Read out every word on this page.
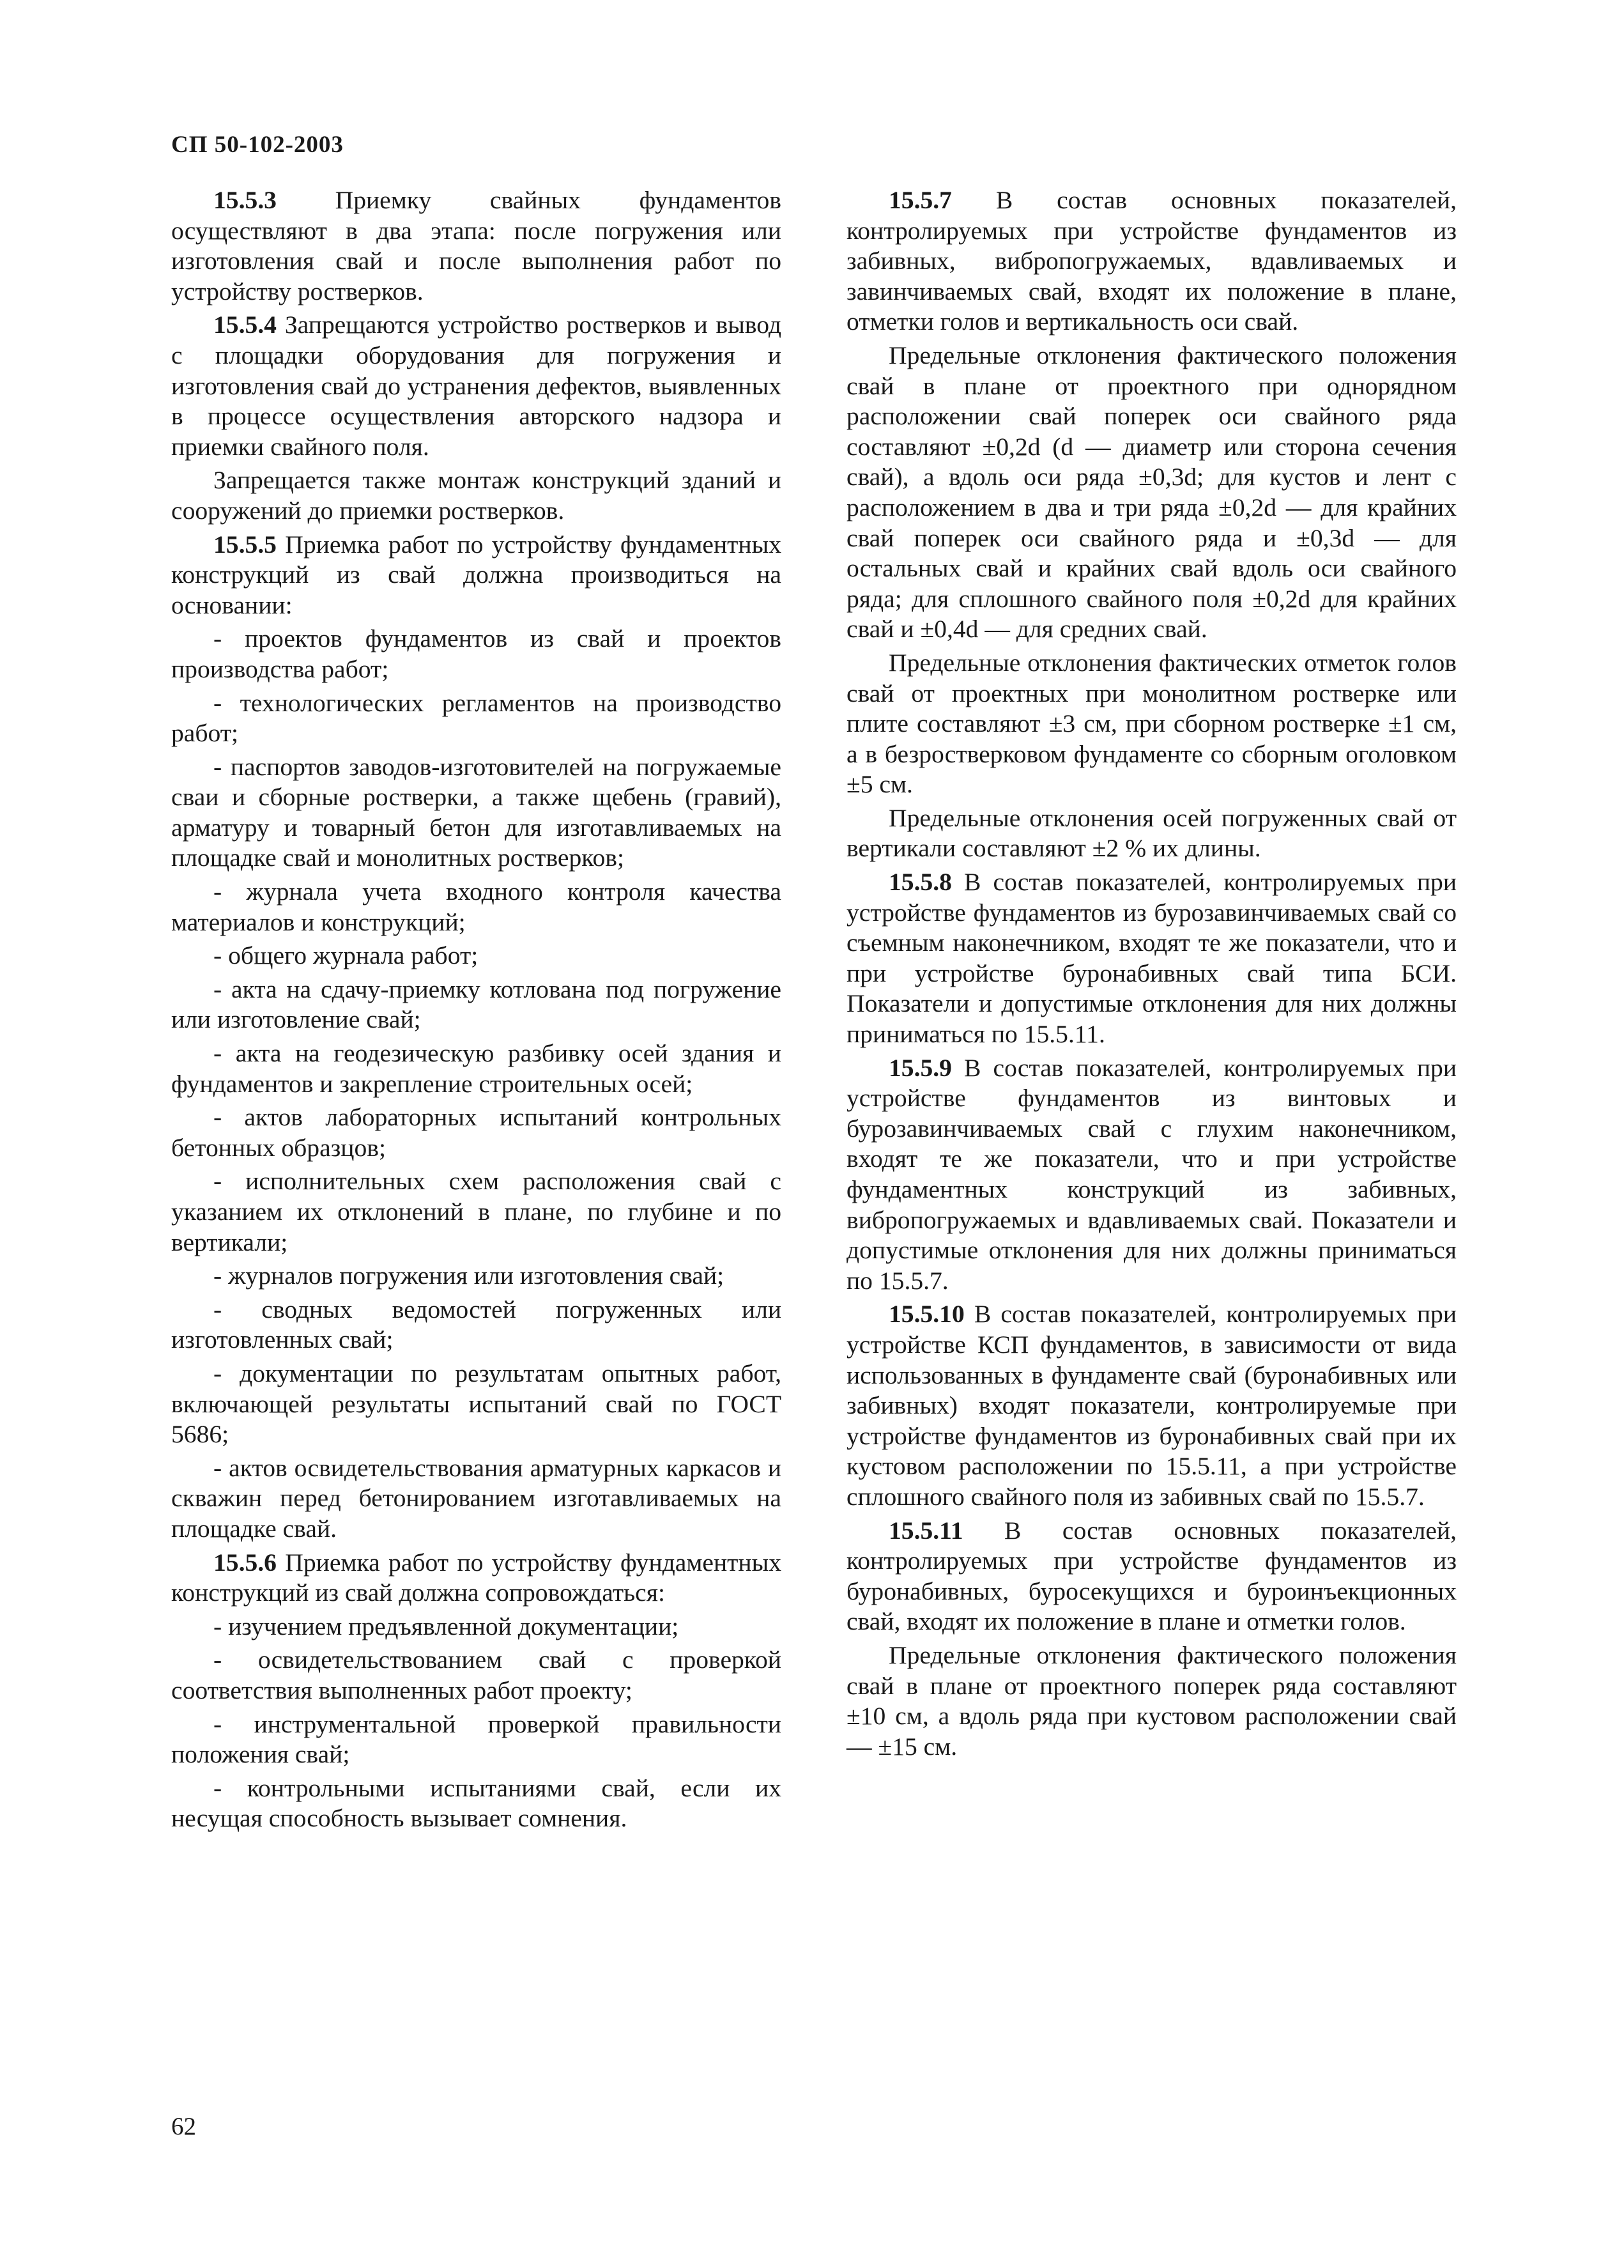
СП 50-102-2003

15.5.3 Приемку свайных фундаментов осуществляют в два этапа: после погружения или изготовления свай и после выполнения работ по устройству ростверков.

15.5.4 Запрещаются устройство ростверков и вывод с площадки оборудования для погружения и изготовления свай до устранения дефектов, выявленных в процессе осуществления авторского надзора и приемки свайного поля.

Запрещается также монтаж конструкций зданий и сооружений до приемки ростверков.

15.5.5 Приемка работ по устройству фундаментных конструкций из свай должна производиться на основании:

- проектов фундаментов из свай и проектов производства работ;

- технологических регламентов на производство работ;

- паспортов заводов-изготовителей на погружаемые сваи и сборные ростверки, а также щебень (гравий), арматуру и товарный бетон для изготавливаемых на площадке свай и монолитных ростверков;

- журнала учета входного контроля качества материалов и конструкций;

- общего журнала работ;

- акта на сдачу-приемку котлована под погружение или изготовление свай;

- акта на геодезическую разбивку осей здания и фундаментов и закрепление строительных осей;

- актов лабораторных испытаний контрольных бетонных образцов;

- исполнительных схем расположения свай с указанием их отклонений в плане, по глубине и по вертикали;

- журналов погружения или изготовления свай;

- сводных ведомостей погруженных или изготовленных свай;

- документации по результатам опытных работ, включающей результаты испытаний свай по ГОСТ 5686;

- актов освидетельствования арматурных каркасов и скважин перед бетонированием изготавливаемых на площадке свай.

15.5.6 Приемка работ по устройству фундаментных конструкций из свай должна сопровождаться:

- изучением предъявленной документации;

- освидетельствованием свай с проверкой соответствия выполненных работ проекту;

- инструментальной проверкой правильности положения свай;

- контрольными испытаниями свай, если их несущая способность вызывает сомнения.

15.5.7 В состав основных показателей, контролируемых при устройстве фундаментов из забивных, вибропогружаемых, вдавливаемых и завинчиваемых свай, входят их положение в плане, отметки голов и вертикальность оси свай.

Предельные отклонения фактического положения свай в плане от проектного при однорядном расположении свай поперек оси свайного ряда составляют ±0,2d (d — диаметр или сторона сечения свай), а вдоль оси ряда ±0,3d; для кустов и лент с расположением в два и три ряда ±0,2d — для крайних свай поперек оси свайного ряда и ±0,3d — для остальных свай и крайних свай вдоль оси свайного ряда; для сплошного свайного поля ±0,2d для крайних свай и ±0,4d — для средних свай.

Предельные отклонения фактических отметок голов свай от проектных при монолитном ростверке или плите составляют ±3 см, при сборном ростверке ±1 см, а в безростверковом фундаменте со сборным оголовком ±5 см.

Предельные отклонения осей погруженных свай от вертикали составляют ±2 % их длины.

15.5.8 В состав показателей, контролируемых при устройстве фундаментов из бурозавинчиваемых свай со съемным наконечником, входят те же показатели, что и при устройстве буронабивных свай типа БСИ. Показатели и допустимые отклонения для них должны приниматься по 15.5.11.

15.5.9 В состав показателей, контролируемых при устройстве фундаментов из винтовых и бурозавинчиваемых свай с глухим наконечником, входят те же показатели, что и при устройстве фундаментных конструкций из забивных, вибропогружаемых и вдавливаемых свай. Показатели и допустимые отклонения для них должны приниматься по 15.5.7.

15.5.10 В состав показателей, контролируемых при устройстве КСП фундаментов, в зависимости от вида использованных в фундаменте свай (буронабивных или забивных) входят показатели, контролируемые при устройстве фундаментов из буронабивных свай при их кустовом расположении по 15.5.11, а при устройстве сплошного свайного поля из забивных свай по 15.5.7.

15.5.11 В состав основных показателей, контролируемых при устройстве фундаментов из буронабивных, буросекущихся и буроинъекционных свай, входят их положение в плане и отметки голов.

Предельные отклонения фактического положения свай в плане от проектного поперек ряда составляют ±10 см, а вдоль ряда при кустовом расположении свай — ±15 см.

62
